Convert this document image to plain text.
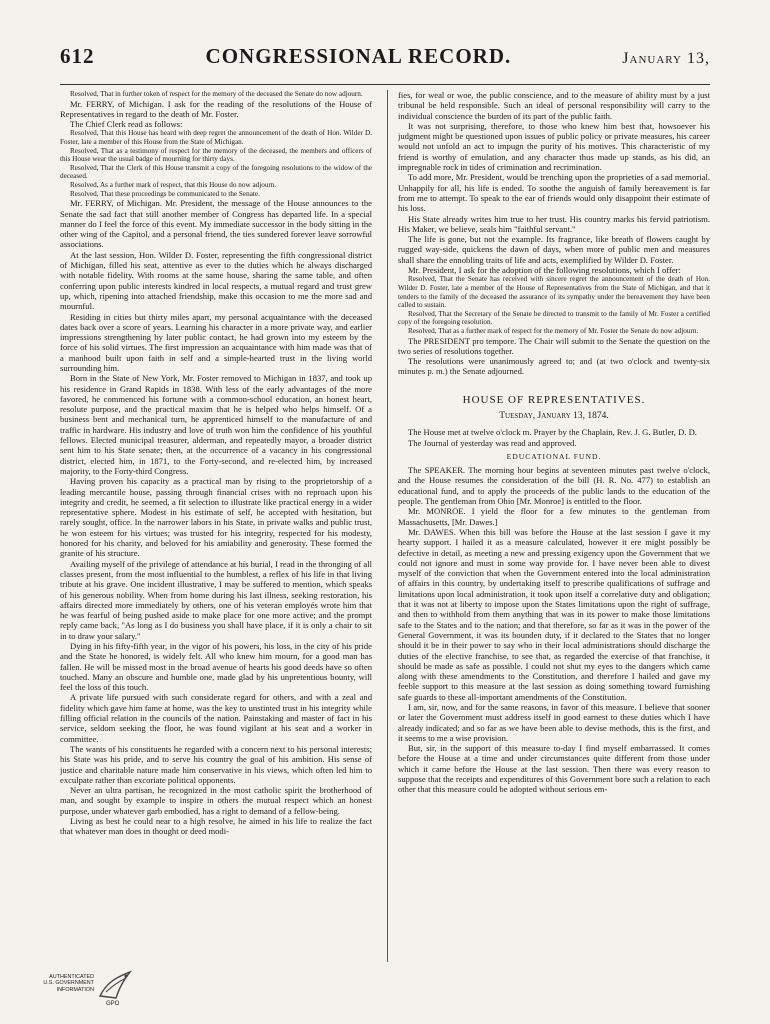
612	CONGRESSIONAL RECORD.	January 13,

Resolved, That in further token of respect for the memory of the deceased the Senate do now adjourn.

Mr. FERRY, of Michigan. I ask for the reading of the resolutions of the House of Representatives in regard to the death of Mr. Foster.

The Chief Clerk read as follows:

Resolved, That this House has heard with deep regret the announcement of the death of Hon. Wilder D. Foster, late a member of this House from the State of Michigan.

Resolved, That as a testimony of respect for the memory of the deceased, the members and officers of this House wear the usual badge of mourning for thirty days.

Resolved, That the Clerk of this House transmit a copy of the foregoing resolutions to the widow of the deceased.

Resolved, As a further mark of respect, that this House do now adjourn.

Resolved, That these proceedings be communicated to the Senate.

Mr. FERRY, of Michigan. Mr. President, the message of the House announces to the Senate the sad fact that still another member of Congress has departed life. In a special manner do I feel the force of this event. My immediate successor in the body sitting in the other wing of the Capitol, and a personal friend, the ties sundered forever leave sorrowful associations.

At the last session, Hon. Wilder D. Foster, representing the fifth congressional district of Michigan, filled his seat, attentive as ever to the duties which he always discharged with notable fidelity. With rooms at the same house, sharing the same table, and often conferring upon public interests kindred in local respects, a mutual regard and trust grew up, which, ripening into attached friendship, make this occasion to me the more sad and mournful.

Residing in cities but thirty miles apart, my personal acquaintance with the deceased dates back over a score of years. Learning his character in a more private way, and earlier impressions strengthening by later public contact, he had grown into my esteem by the force of his solid virtues. The first impression an acquaintance with him made was that of a manhood built upon faith in self and a simple-hearted trust in the living world surrounding him.

Born in the State of New York, Mr. Foster removed to Michigan in 1837, and took up his residence in Grand Rapids in 1838. With less of the early advantages of the more favored, he commenced his fortune with a common-school education, an honest heart, resolute purpose, and the practical maxim that he is helped who helps himself. Of a business bent and mechanical turn, he apprenticed himself to the manufacture of and traffic in hardware. His industry and love of truth won him the confidence of his youthful fellows. Elected municipal treasurer, alderman, and repeatedly mayor, a broader district sent him to his State senate; then, at the occurrence of a vacancy in his congressional district, elected him, in 1871, to the Forty-second, and re-elected him, by increased majority, to the Forty-third Congress.

Having proven his capacity as a practical man by rising to the proprietorship of a leading mercantile house, passing through financial crises with no reproach upon his integrity and credit, he seemed, a fit selection to illustrate like practical energy in a wider representative sphere. Modest in his estimate of self, he accepted with hesitation, but rarely sought, office. In the narrower labors in his State, in private walks and public trust, he won esteem for his virtues; was trusted for his integrity, respected for his modesty, honored for his charity, and beloved for his amiability and generosity. These formed the granite of his structure.

Availing myself of the privilege of attendance at his burial, I read in the thronging of all classes present, from the most influential to the humblest, a reflex of his life in that living tribute at his grave. One incident illustrative, I may be suffered to mention, which speaks of his generous nobility. When from home during his last illness, seeking restoration, his affairs directed more immediately by others, one of his veteran employés wrote him that he was fearful of being pushed aside to make place for one more active; and the prompt reply came back, "As long as I do business you shall have place, if it is only a chair to sit in to draw your salary."

Dying in his fifty-fifth year, in the vigor of his powers, his loss, in the city of his pride and the State he honored, is widely felt. All who knew him mourn, for a good man has fallen. He will be missed most in the broad avenue of hearts his good deeds have so often touched. Many an obscure and humble one, made glad by his unpretentious bounty, will feel the loss of this touch.

A private life pursued with such considerate regard for others, and with a zeal and fidelity which gave him fame at home, was the key to unstinted trust in his integrity while filling official relation in the councils of the nation. Painstaking and master of fact in his service, seldom seeking the floor, he was found vigilant at his seat and a worker in committee.

The wants of his constituents he regarded with a concern next to his personal interests; his State was his pride, and to serve his country the goal of his ambition. His sense of justice and charitable nature made him conservative in his views, which often led him to exculpate rather than excoriate political opponents.

Never an ultra partisan, he recognized in the most catholic spirit the brotherhood of man, and sought by example to inspire in others the mutual respect which an honest purpose, under whatever garb embodied, has a right to demand of a fellow-being.

Living as best he could near to a high resolve, he aimed in his life to realize the fact that whatever man does in thought or deed modi-

fies, for weal or woe, the public conscience, and to the measure of ability must by a just tribunal be held responsible. Such an ideal of personal responsibility will carry to the individual conscience the burden of its part of the public faith.

It was not surprising, therefore, to those who knew him best that, howsoever his judgment might be questioned upon issues of public policy or private measures, his career would not unfold an act to impugn the purity of his motives. This characteristic of my friend is worthy of emulation, and any character thus made up stands, as his did, an impregnable rock in tides of crimination and recrimination.

To add more, Mr. President, would be trenching upon the proprieties of a sad memorial. Unhappily for all, his life is ended. To soothe the anguish of family bereavement is far from me to attempt. To speak to the ear of friends would only disappoint their estimate of his loss.

His State already writes him true to her trust. His country marks his fervid patriotism. His Maker, we believe, seals him "faithful servant."

The life is gone, but not the example. Its fragrance, like breath of flowers caught by rugged way-side, quickens the dawn of days, when more of public men and measures shall share the ennobling traits of life and acts, exemplified by Wilder D. Foster.

Mr. President, I ask for the adoption of the following resolutions, which I offer:

Resolved, That the Senate has received with sincere regret the announcement of the death of Hon. Wilder D. Foster, late a member of the House of Representatives from the State of Michigan, and that it tenders to the family of the deceased the assurance of its sympathy under the bereavement they have been called to sustain.

Resolved, That the Secretary of the Senate be directed to transmit to the family of Mr. Foster a certified copy of the foregoing resolution.

Resolved, That as a further mark of respect for the memory of Mr. Foster the Senate do now adjourn.

The PRESIDENT pro tempore. The Chair will submit to the Senate the question on the two series of resolutions together.

The resolutions were unanimously agreed to; and (at two o'clock and twenty-six minutes p. m.) the Senate adjourned.

HOUSE OF REPRESENTATIVES.
Tuesday, January 13, 1874.

The House met at twelve o'clock m. Prayer by the Chaplain, Rev. J. G. Butler, D. D.

The Journal of yesterday was read and approved.

EDUCATIONAL FUND.

The SPEAKER. The morning hour begins at seventeen minutes past twelve o'clock, and the House resumes the consideration of the bill (H. R. No. 477) to establish an educational fund, and to apply the proceeds of the public lands to the education of the people. The gentleman from Ohio [Mr. Monroe] is entitled to the floor.

Mr. MONROE. I yield the floor for a few minutes to the gentleman from Massachusetts, [Mr. Dawes.]

Mr. DAWES. When this bill was before the House at the last session I gave it my hearty support. I hailed it as a measure calculated, however it ere might possibly be defective in detail, as meeting a new and pressing exigency upon the Government that we could not ignore and must in some way provide for. I have never been able to divest myself of the conviction that when the Government entered into the local administration of affairs in this country, by undertaking itself to prescribe qualifications of suffrage and limitations upon local administration, it took upon itself a correlative duty and obligation; that it was not at liberty to impose upon the States limitations upon the right of suffrage, and then to withhold from them anything that was in its power to make those limitations safe to the States and to the nation; and that therefore, so far as it was in the power of the General Government, it was its bounden duty, if it declared to the States that no longer should it be in their power to say who in their local administrations should discharge the duties of the elective franchise, to see that, as regarded the exercise of that franchise, it should be made as safe as possible. I could not shut my eyes to the dangers which came along with these amendments to the Constitution, and therefore I hailed and gave my feeble support to this measure at the last session as doing something toward furnishing safe guards to these all-important amendments of the Constitution.

I am, sir, now, and for the same reasons, in favor of this measure. I believe that sooner or later the Government must address itself in good earnest to these duties which I have already indicated; and so far as we have been able to devise methods, this is the first, and it seems to me a wise provision.

But, sir, in the support of this measure to-day I find myself embarrassed. It comes before the House at a time and under circumstances quite different from those under which it came before the House at the last session. Then there was every reason to suppose that the receipts and expenditures of this Government bore such a relation to each other that this measure could be adopted without serious em-

AUTHENTICATED
U.S. GOVERNMENT
INFORMATION
GPO
